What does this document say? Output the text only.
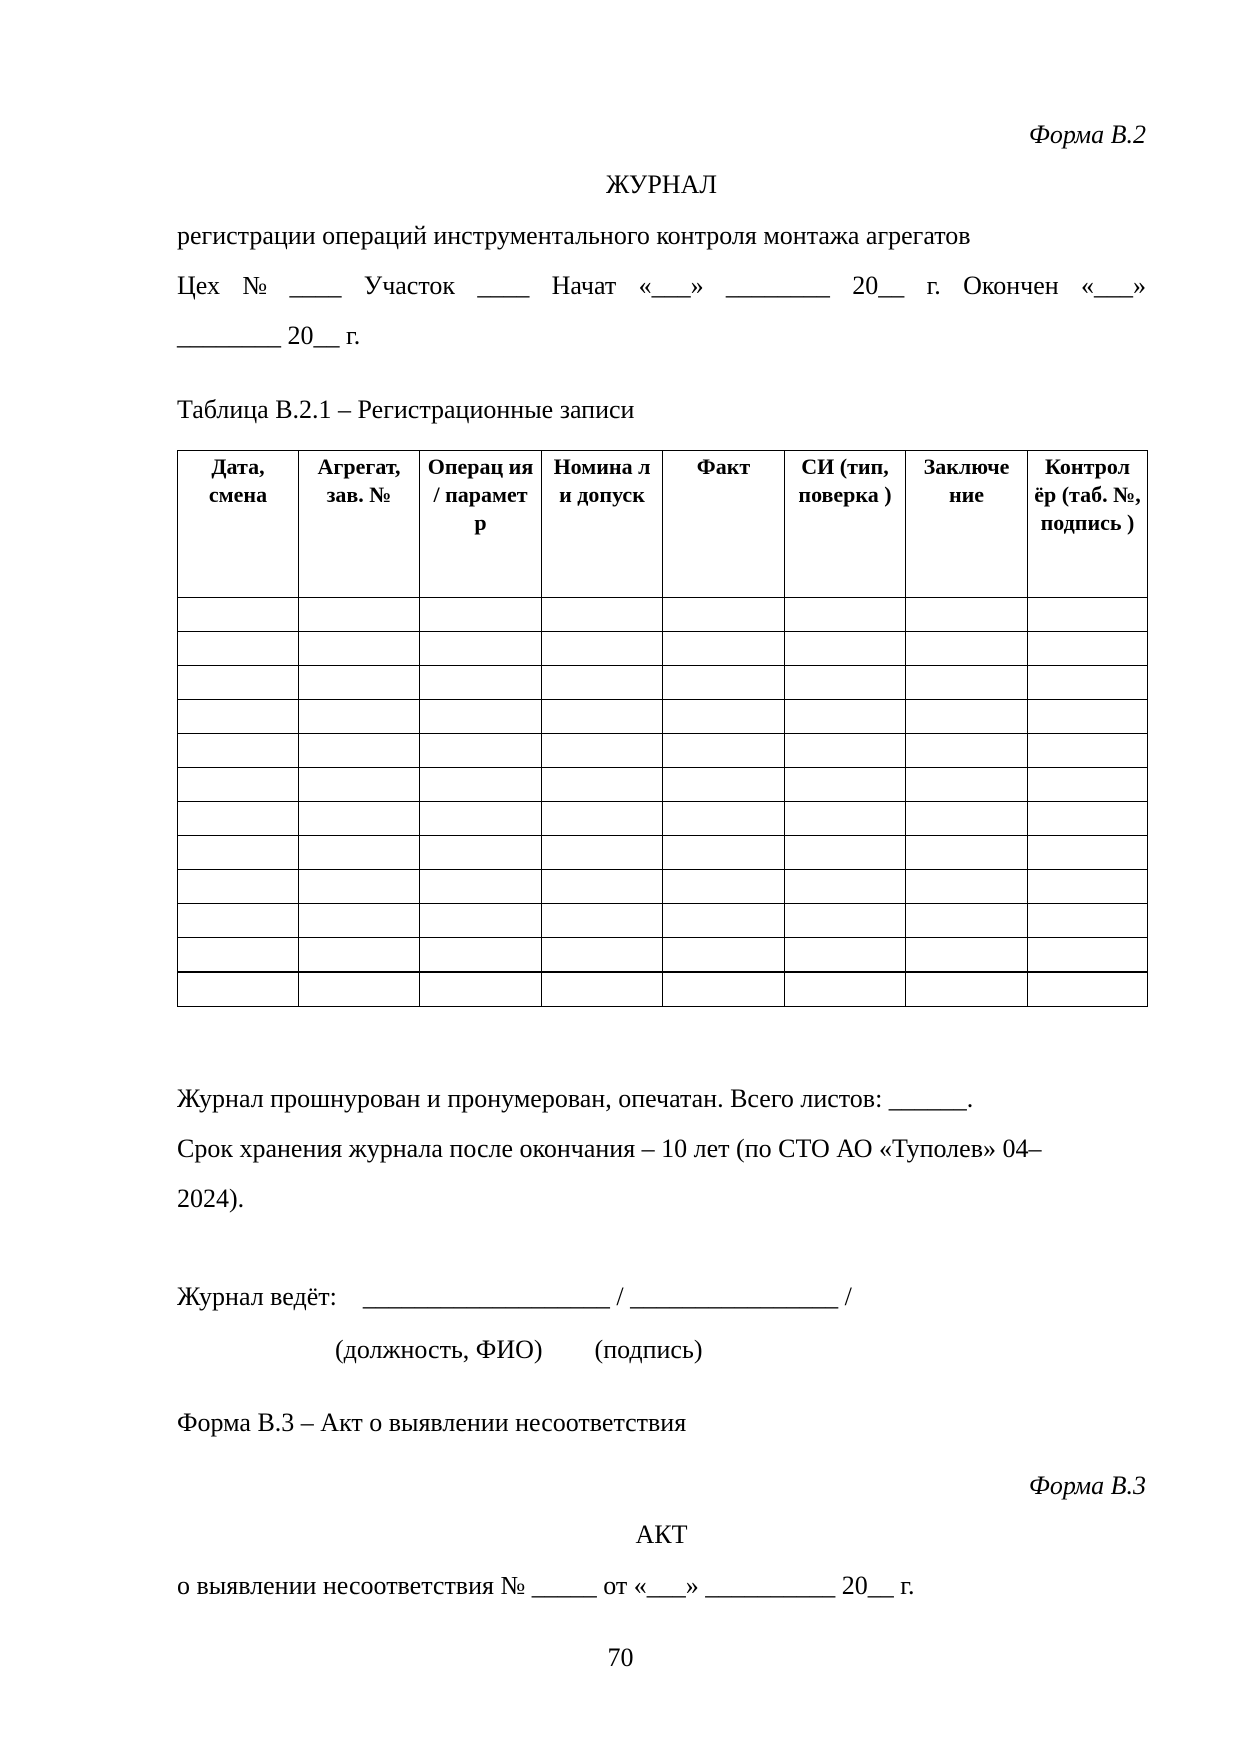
Форма В.2
ЖУРНАЛ
регистрации операций инструментального контроля монтажа агрегатов
Цех № ____ Участок ____ Начат «___» ________ 20__ г. Окончен «___»
________ 20__ г.
Таблица В.2.1 – Регистрационные записи
Дата, смена	Агрегат, зав. №	Операц ия / парамет р	Номина л и допуск	Факт	СИ (тип, поверка )	Заключе ние	Контрол ёр (таб. №, подпись )

Журнал прошнурован и пронумерован, опечатан. Всего листов: ______.
Срок хранения журнала после окончания – 10 лет (по СТО АО «Туполев» 04–
2024).
Журнал ведёт:    ___________________ / ________________ /
(должность, ФИО)        (подпись)
Форма В.3 – Акт о выявлении несоответствия
Форма В.3
АКТ
о выявлении несоответствия № _____ от «___» __________ 20__ г.
70
